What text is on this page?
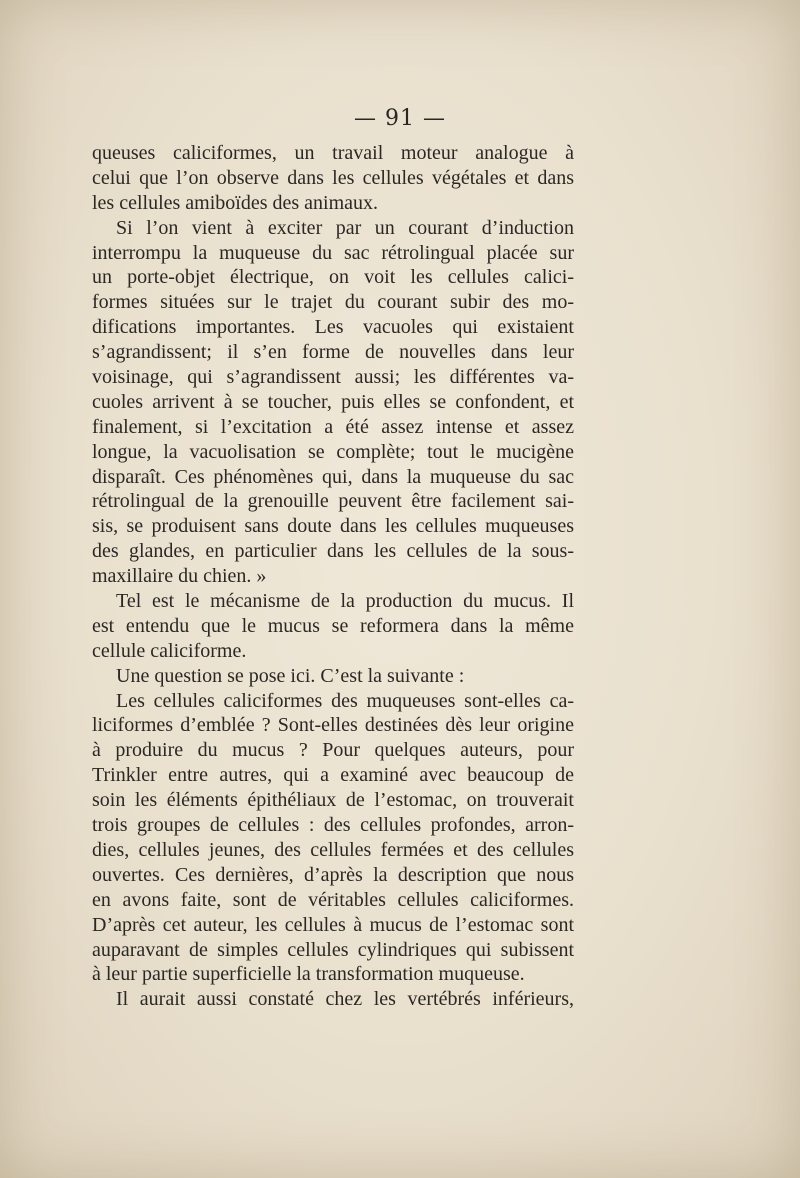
— 91 —
queuses caliciformes, un travail moteur analogue à
celui que l’on observe dans les cellules végétales et dans
les cellules amiboïdes des animaux.
Si l’on vient à exciter par un courant d’induction
interrompu la muqueuse du sac rétrolingual placée sur
un porte-objet électrique, on voit les cellules calici-
formes situées sur le trajet du courant subir des mo-
difications importantes. Les vacuoles qui existaient
s’agrandissent; il s’en forme de nouvelles dans leur
voisinage, qui s’agrandissent aussi; les différentes va-
cuoles arrivent à se toucher, puis elles se confondent, et
finalement, si l’excitation a été assez intense et assez
longue, la vacuolisation se complète; tout le mucigène
disparaît. Ces phénomènes qui, dans la muqueuse du sac
rétrolingual de la grenouille peuvent être facilement sai-
sis, se produisent sans doute dans les cellules muqueuses
des glandes, en particulier dans les cellules de la sous-
maxillaire du chien. »
Tel est le mécanisme de la production du mucus. Il
est entendu que le mucus se reformera dans la même
cellule caliciforme.
Une question se pose ici. C’est la suivante :
Les cellules caliciformes des muqueuses sont-elles ca-
liciformes d’emblée ? Sont-elles destinées dès leur origine
à produire du mucus ? Pour quelques auteurs, pour
Trinkler entre autres, qui a examiné avec beaucoup de
soin les éléments épithéliaux de l’estomac, on trouverait
trois groupes de cellules : des cellules profondes, arron-
dies, cellules jeunes, des cellules fermées et des cellules
ouvertes. Ces dernières, d’après la description que nous
en avons faite, sont de véritables cellules caliciformes.
D’après cet auteur, les cellules à mucus de l’estomac sont
auparavant de simples cellules cylindriques qui subissent
à leur partie superficielle la transformation muqueuse.
Il aurait aussi constaté chez les vertébrés inférieurs,
